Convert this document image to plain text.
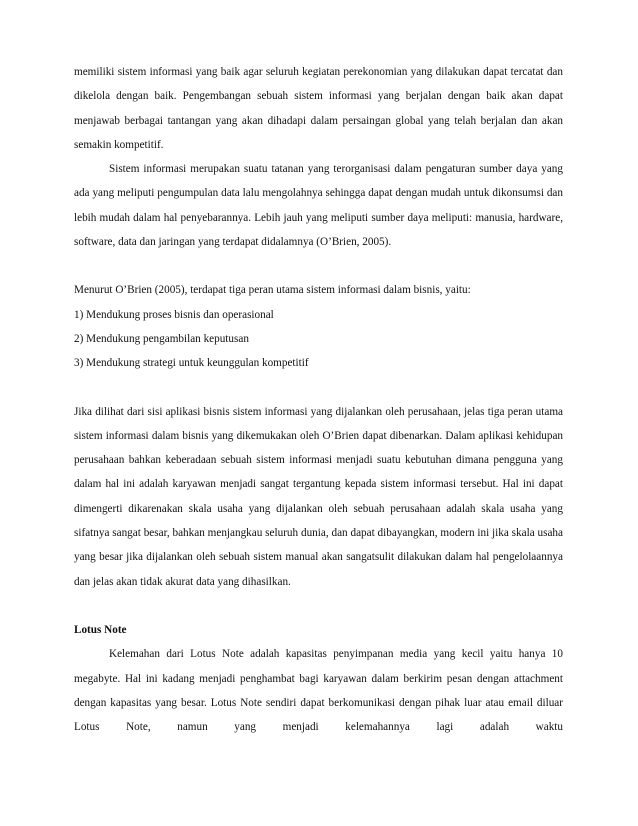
memiliki sistem informasi yang baik agar seluruh kegiatan perekonomian yang dilakukan dapat tercatat dan dikelola dengan baik. Pengembangan sebuah sistem informasi yang berjalan dengan baik akan dapat menjawab berbagai tantangan yang akan dihadapi dalam persaingan global yang telah berjalan dan akan semakin kompetitif.

Sistem informasi merupakan suatu tatanan yang terorganisasi dalam pengaturan sumber daya yang ada yang meliputi pengumpulan data lalu mengolahnya sehingga dapat dengan mudah untuk dikonsumsi dan lebih mudah dalam hal penyebarannya. Lebih jauh yang meliputi sumber daya meliputi: manusia, hardware, software, data dan jaringan yang terdapat didalamnya (O’Brien, 2005).

Menurut O’Brien (2005), terdapat tiga peran utama sistem informasi dalam bisnis, yaitu:

1) Mendukung proses bisnis dan operasional

2) Mendukung pengambilan keputusan

3) Mendukung strategi untuk keunggulan kompetitif

Jika dilihat dari sisi aplikasi bisnis sistem informasi yang dijalankan oleh perusahaan, jelas tiga peran utama sistem informasi dalam bisnis yang dikemukakan oleh O’Brien dapat dibenarkan. Dalam aplikasi kehidupan perusahaan bahkan keberadaan sebuah sistem informasi menjadi suatu kebutuhan dimana pengguna yang dalam hal ini adalah karyawan menjadi sangat tergantung kepada sistem informasi tersebut. Hal ini dapat dimengerti dikarenakan skala usaha yang dijalankan oleh sebuah perusahaan adalah skala usaha yang sifatnya sangat besar, bahkan menjangkau seluruh dunia, dan dapat dibayangkan, modern ini jika skala usaha yang besar jika dijalankan oleh sebuah sistem manual akan sangatsulit dilakukan dalam hal pengelolaannya dan jelas akan tidak akurat data yang dihasilkan.

Lotus Note

Kelemahan dari Lotus Note adalah kapasitas penyimpanan media yang kecil yaitu hanya 10 megabyte. Hal ini kadang menjadi penghambat bagi karyawan dalam berkirim pesan dengan attachment dengan kapasitas yang besar. Lotus Note sendiri dapat berkomunikasi dengan pihak luar atau email diluar Lotus Note, namun yang menjadi kelemahannya lagi adalah waktu
